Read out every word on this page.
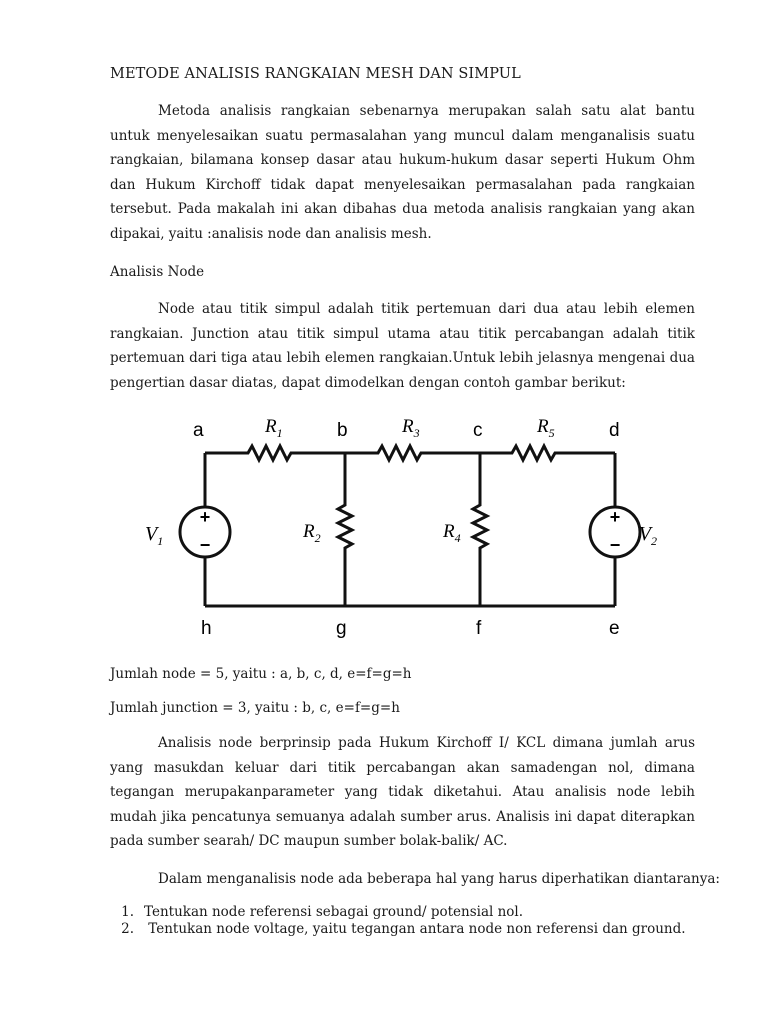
METODE ANALISIS RANGKAIAN MESH DAN SIMPUL

Metoda analisis rangkaian sebenarnya merupakan salah satu alat bantu untuk menyelesaikan suatu permasalahan yang muncul dalam menganalisis suatu rangkaian, bilamana konsep dasar atau hukum-hukum dasar seperti Hukum Ohm dan Hukum Kirchoff tidak dapat menyelesaikan permasalahan pada rangkaian tersebut. Pada makalah ini akan dibahas dua metoda analisis rangkaian yang akan dipakai, yaitu :analisis node dan analisis mesh.

Analisis Node

Node atau titik simpul adalah titik pertemuan dari dua atau lebih elemen rangkaian. Junction atau titik simpul utama atau titik percabangan adalah titik pertemuan dari tiga atau lebih elemen rangkaian.Untuk lebih jelasnya mengenai dua pengertian dasar diatas, dapat dimodelkan dengan contoh gambar berikut:

+
−
+
−
a	b	c	d
h	g	f	e
$R_1$	$R_3$	$R_5$
$R_2$	$R_4$
$V_1$	$V_2$
Jumlah node = 5, yaitu : a, b, c, d, e=f=g=h
Jumlah junction = 3, yaitu : b, c, e=f=g=h

Analisis node berprinsip pada Hukum Kirchoff I/ KCL dimana jumlah arus yang masukdan keluar dari titik percabangan akan samadengan nol, dimana tegangan merupakanparameter yang tidak diketahui. Atau analisis node lebih mudah jika pencatunya semuanya adalah sumber arus. Analisis ini dapat diterapkan pada sumber searah/ DC maupun sumber bolak-balik/ AC.

Dalam menganalisis node ada beberapa hal yang harus diperhatikan diantaranya:
1. Tentukan node referensi sebagai ground/ potensial nol.
2. Tentukan node voltage, yaitu tegangan antara node non referensi dan ground.
